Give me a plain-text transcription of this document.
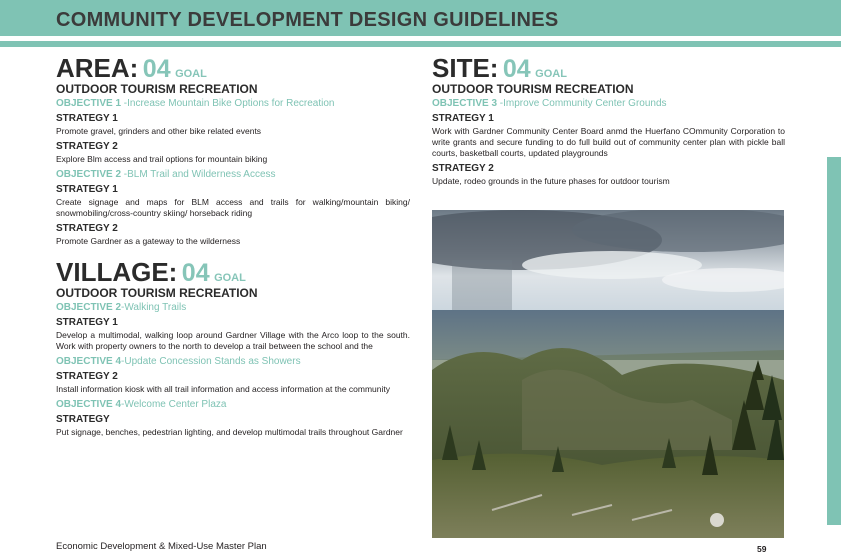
COMMUNITY DEVELOPMENT DESIGN GUIDELINES
AREA: 04 GOAL
OUTDOOR TOURISM RECREATION
OBJECTIVE 1 -Increase Mountain Bike Options for Recreation
STRATEGY 1
Promote gravel, grinders and other bike related events
STRATEGY 2
Explore Blm access and trail options for mountain biking
OBJECTIVE 2 -BLM Trail and Wilderness Access
STRATEGY 1
Create signage and maps for BLM access and trails for walking/mountain biking/ snowmobiling/cross-country skiing/ horseback riding
STRATEGY 2
Promote Gardner as a gateway to the wilderness
VILLAGE: 04 GOAL
OUTDOOR TOURISM RECREATION
OBJECTIVE 2-Walking Trails
STRATEGY 1
Develop a multimodal, walking loop around Gardner Village with the Arco loop to the south. Work with property owners to the north to develop a trail between the school and the
OBJECTIVE 4-Update Concession Stands as Showers
STRATEGY 2
Install information kiosk with all trail information and access information at the community
OBJECTIVE 4-Welcome Center Plaza
STRATEGY
Put signage, benches, pedestrian lighting, and develop multimodal trails throughout Gardner
SITE: 04 GOAL
OUTDOOR TOURISM RECREATION
OBJECTIVE 3 -Improve Community Center Grounds
STRATEGY 1
Work with Gardner Community Center Board anmd the Huerfano COmmunity Corporation to write grants and secure funding to do full build out of community center plan with pickle ball courts, basketball courts, updated playgrounds
STRATEGY 2
Update, rodeo grounds in the future phases for outdoor tourism
Economic Development & Mixed-Use Master Plan	59
